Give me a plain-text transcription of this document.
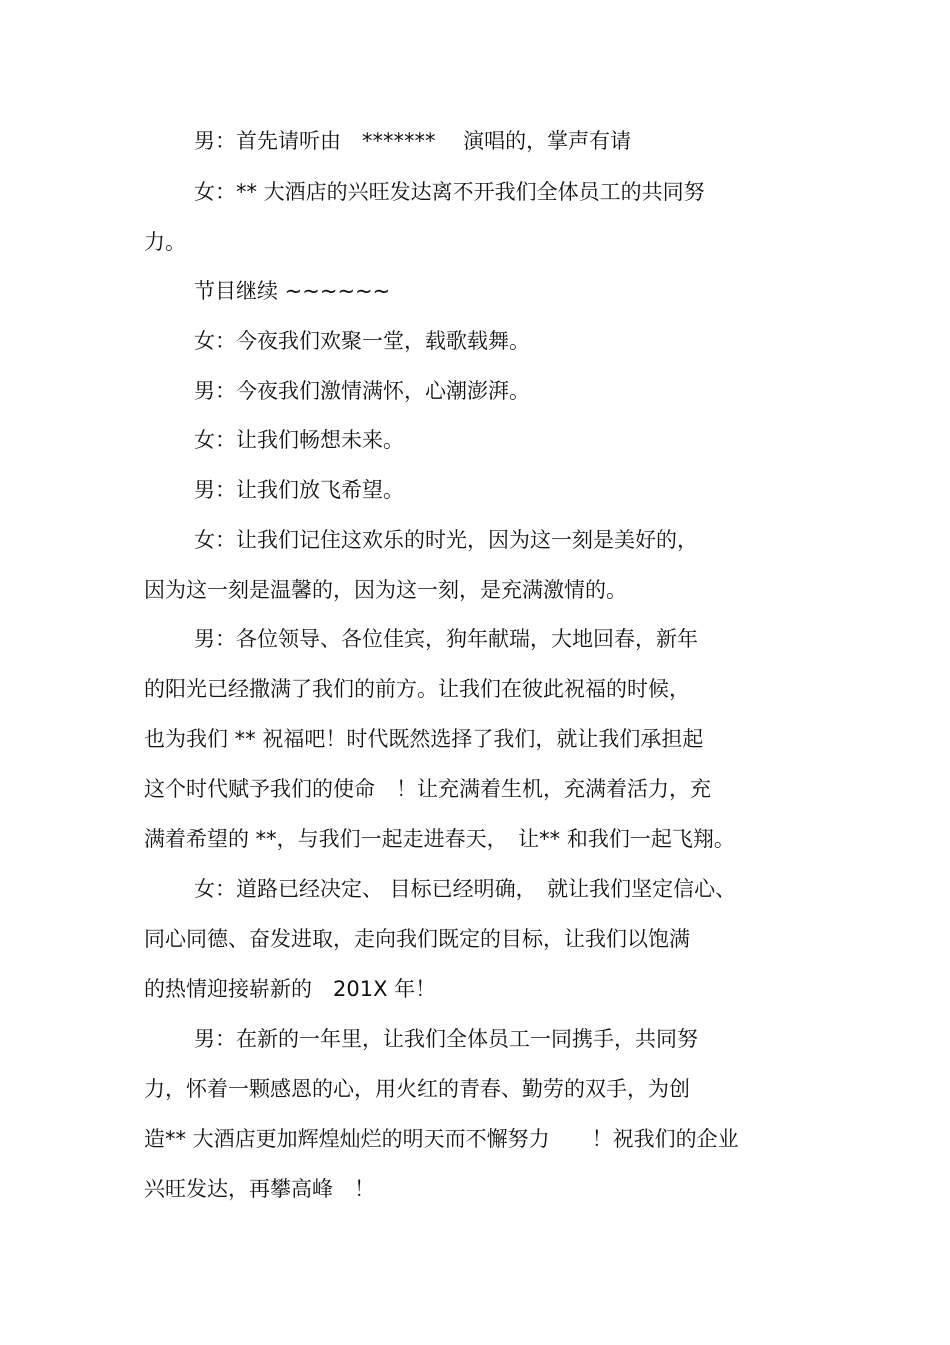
男：首先请听由　*******　 演唱的，掌声有请
女：** 大酒店的兴旺发达离不开我们全体员工的共同努
力。
节目继续 ~~~~~~
女：今夜我们欢聚一堂，载歌载舞。
男：今夜我们激情满怀，心潮澎湃。
女：让我们畅想未来。
男：让我们放飞希望。
女：让我们记住这欢乐的时光，因为这一刻是美好的，
因为这一刻是温馨的，因为这一刻，是充满激情的。
男：各位领导、各位佳宾，狗年献瑞，大地回春，新年
的阳光已经撒满了我们的前方。让我们在彼此祝福的时候，
也为我们 ** 祝福吧！时代既然选择了我们，就让我们承担起
这个时代赋予我们的使命　！让充满着生机，充满着活力，充
满着希望的 **，与我们一起走进春天，　让** 和我们一起飞翔。
女：道路已经决定、 目标已经明确，　就让我们坚定信心、
同心同德、奋发进取，走向我们既定的目标，让我们以饱满
的热情迎接崭新的　201X 年！
男：在新的一年里，让我们全体员工一同携手，共同努
力，怀着一颗感恩的心，用火红的青春、勤劳的双手，为创
造** 大酒店更加辉煌灿烂的明天而不懈努力　　！祝我们的企业
兴旺发达，再攀高峰　！
